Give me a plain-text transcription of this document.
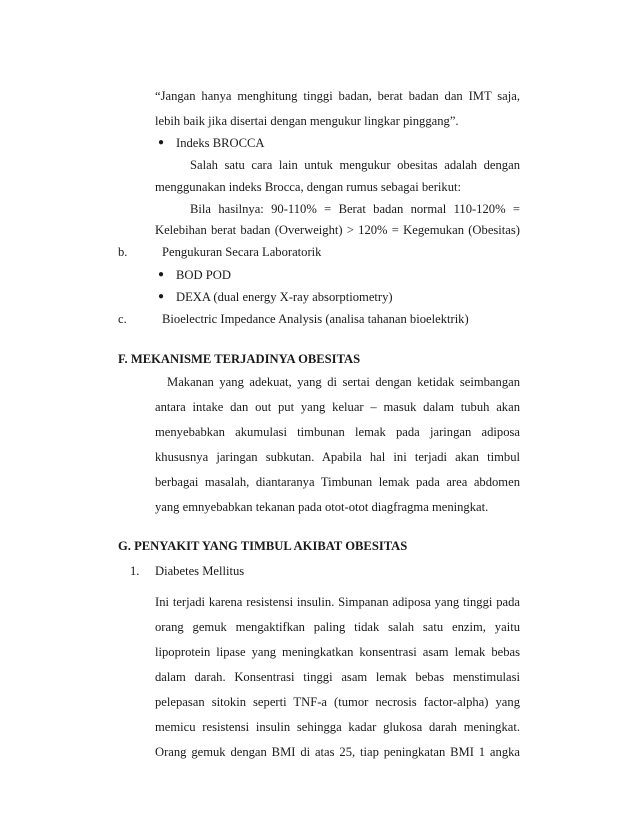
“Jangan hanya menghitung tinggi badan, berat badan dan IMT saja,
lebih baik jika disertai dengan mengukur lingkar pinggang”.
● Indeks BROCCA
Salah satu cara lain untuk mengukur obesitas adalah dengan
menggunakan indeks Brocca, dengan rumus sebagai berikut:
Bila hasilnya: 90-110% = Berat badan normal 110-120% =
Kelebihan berat badan (Overweight) > 120% = Kegemukan (Obesitas)
b.	Pengukuran Secara Laboratorik
● BOD POD
● DEXA (dual energy X-ray absorptiometry)
c.	Bioelectric Impedance Analysis (analisa tahanan bioelektrik)
F. MEKANISME TERJADINYA OBESITAS
Makanan yang adekuat, yang di sertai dengan ketidak seimbangan
antara intake dan out put yang keluar – masuk dalam tubuh akan
menyebabkan akumulasi timbunan lemak pada jaringan adiposa
khususnya jaringan subkutan. Apabila hal ini terjadi akan timbul
berbagai masalah, diantaranya Timbunan lemak pada area abdomen
yang emnyebabkan tekanan pada otot-otot diagfragma meningkat.
G. PENYAKIT YANG TIMBUL AKIBAT OBESITAS
1. Diabetes Mellitus
Ini terjadi karena resistensi insulin. Simpanan adiposa yang tinggi pada
orang gemuk mengaktifkan paling tidak salah satu enzim, yaitu
lipoprotein lipase yang meningkatkan konsentrasi asam lemak bebas
dalam darah. Konsentrasi tinggi asam lemak bebas menstimulasi
pelepasan sitokin seperti TNF-a (tumor necrosis factor-alpha) yang
memicu resistensi insulin sehingga kadar glukosa darah meningkat.
Orang gemuk dengan BMI di atas 25, tiap peningkatan BMI 1 angka
